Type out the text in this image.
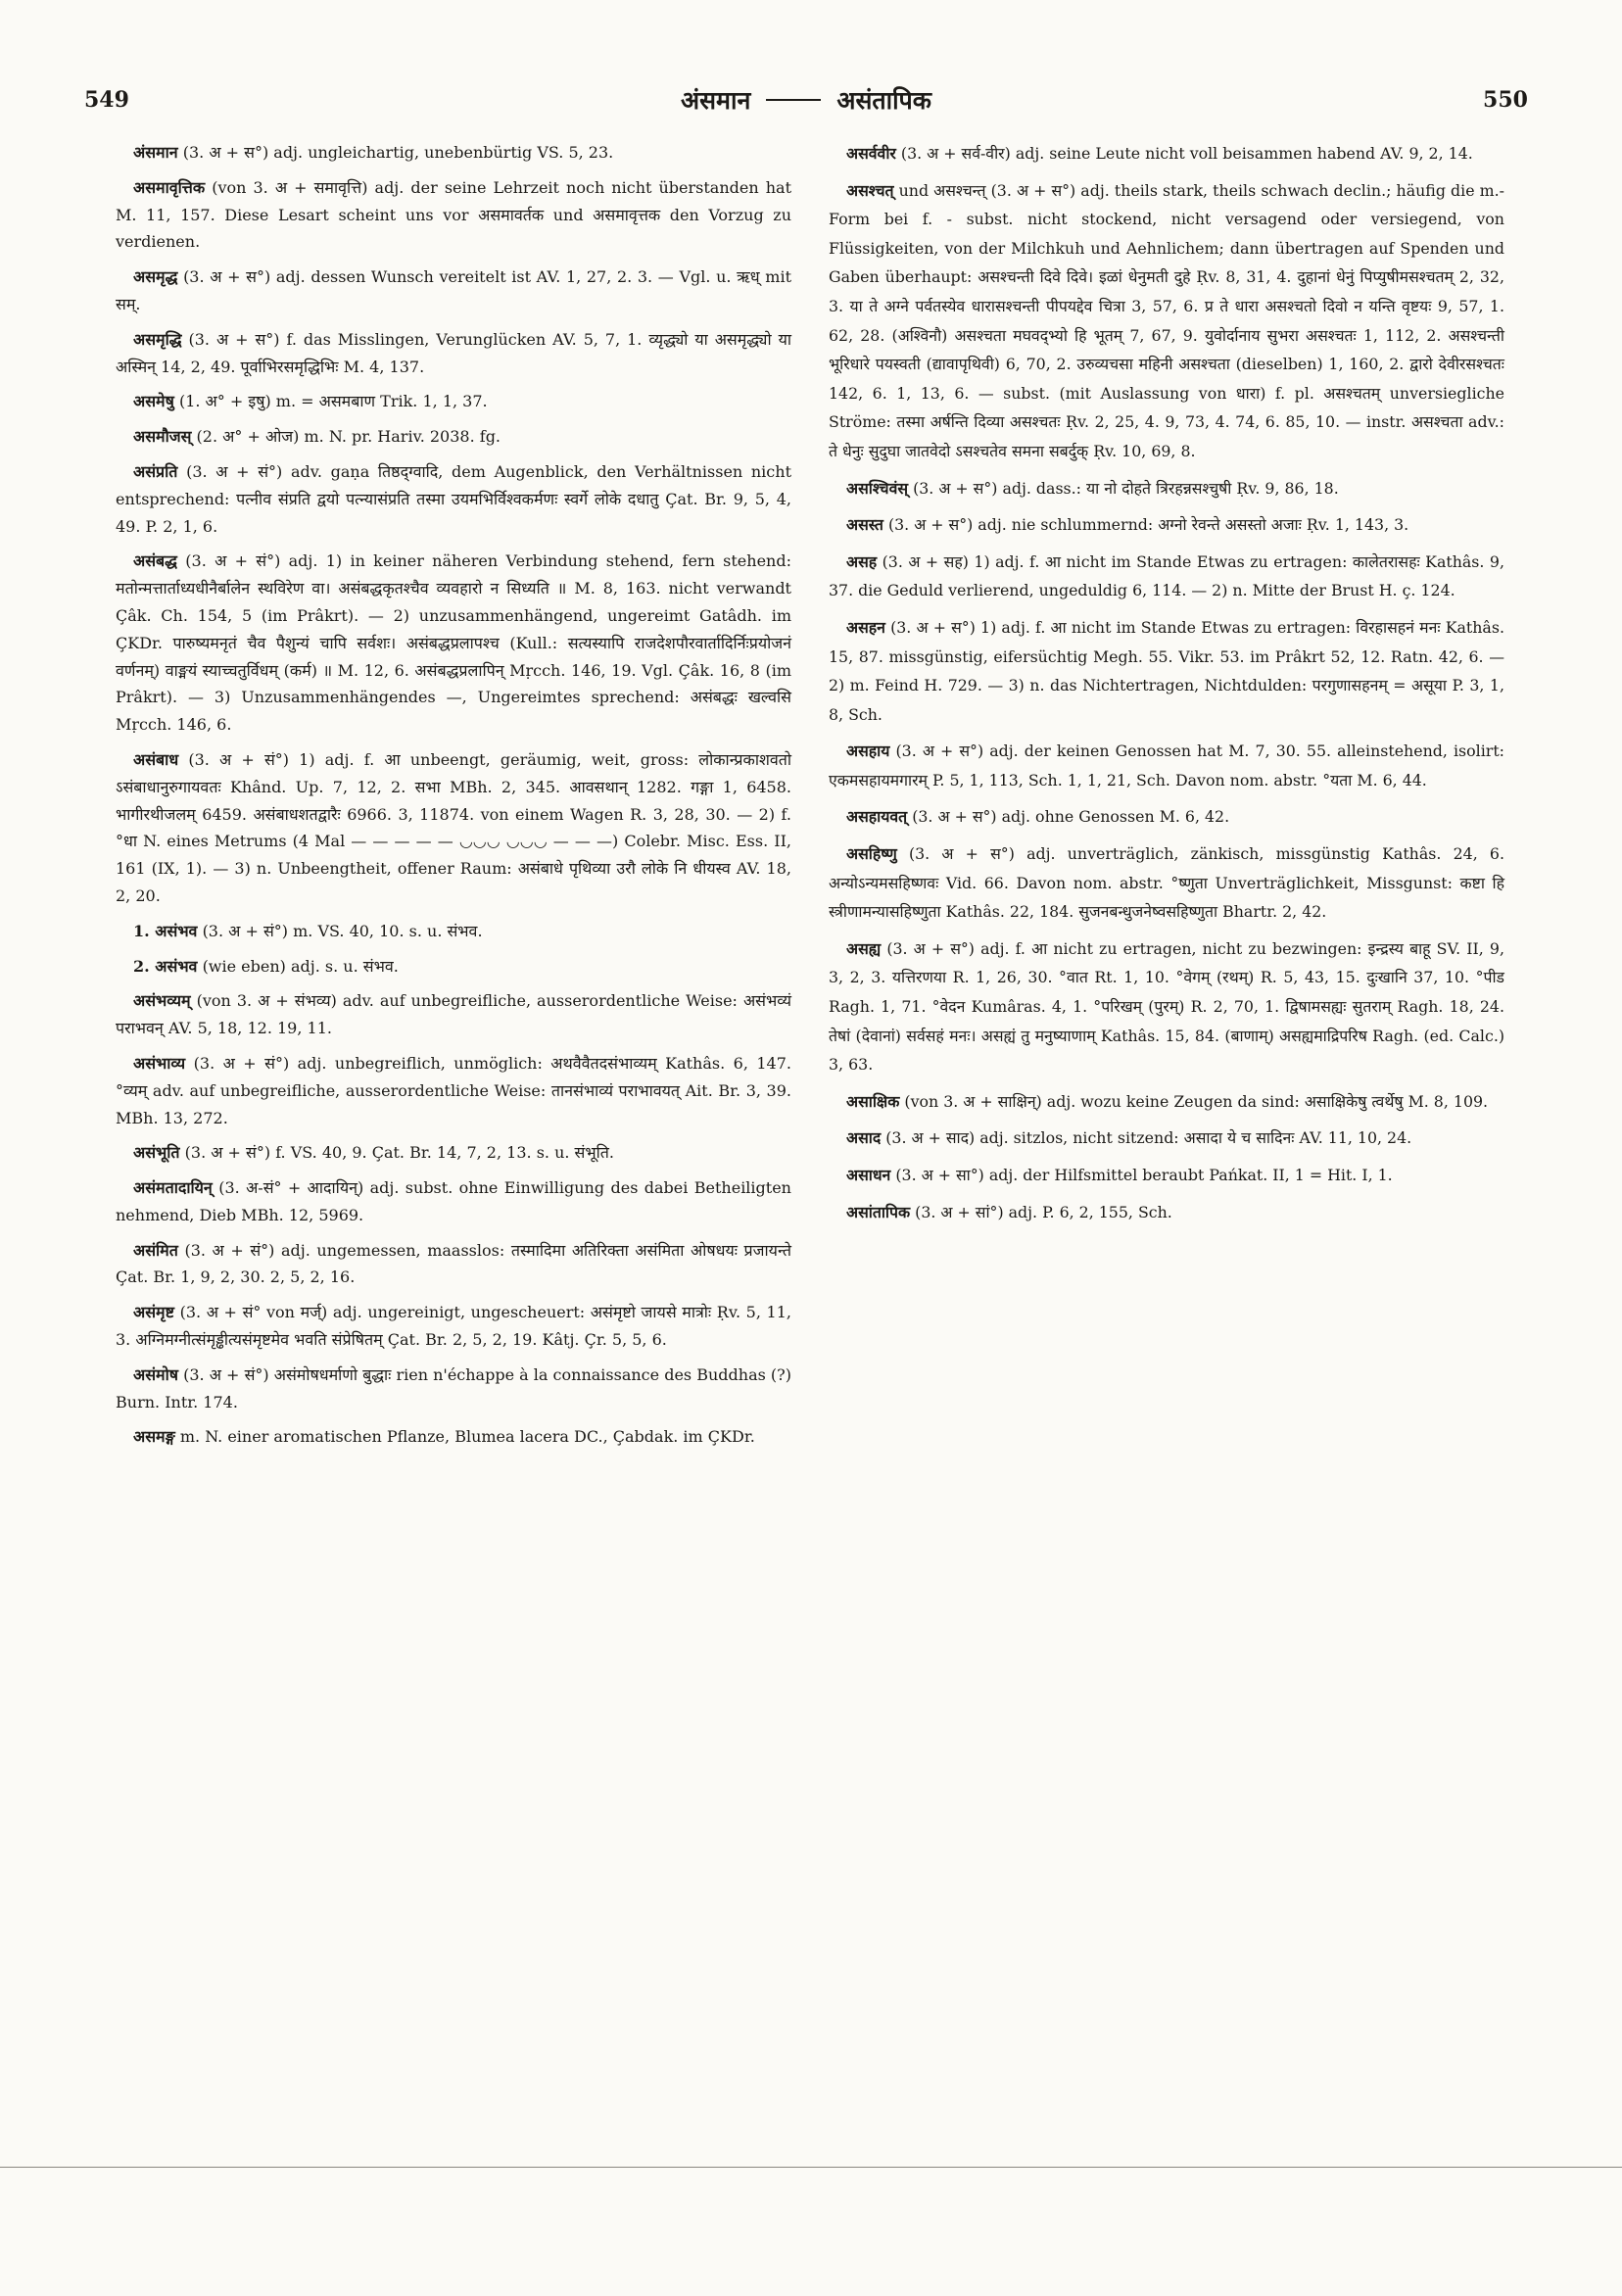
549	अंसमान	असंतापिक	550

अंसमान (3. अ + स°) adj. ungleichartig, unebenbürtig VS. 5, 23.

असमावृत्तिक (von 3. अ + समावृत्ति) adj. der seine Lehrzeit noch nicht überstanden hat M. 11, 157. Diese Lesart scheint uns vor असमावर्तक und असमावृत्तक den Vorzug zu verdienen.

असमृद्ध (3. अ + स°) adj. dessen Wunsch vereitelt ist AV. 1, 27, 2. 3. — Vgl. u. ऋध् mit सम्.

असमृद्धि (3. अ + स°) f. das Misslingen, Verunglücken AV. 5, 7, 1. व्यृद्ध्यो या असमृद्ध्यो या अस्मिन् 14, 2, 49. पूर्वाभिरसमृद्धिभिः M. 4, 137.

असमेषु (1. अ° + इषु) m. = असमबाण Trik. 1, 1, 37.

असमौजस् (2. अ° + ओज) m. N. pr. Hariv. 2038. fg.

असंप्रति (3. अ + सं°) adv. gaṇa तिष्ठद्ग्वादि, dem Augenblick, den Verhältnissen nicht entsprechend: पत्नीव संप्रति द्वयो पत्न्यासंप्रति तस्मा उयमभिर्विश्वकर्मणः स्वर्गे लोके दधातु Çat. Br. 9, 5, 4, 49. P. 2, 1, 6.

असंबद्ध (3. अ + सं°) adj. 1) in keiner näheren Verbindung stehend, fern stehend: मतोन्मत्तार्ताध्यधीनैर्बालेन स्थविरेण वा। असंबद्धकृतश्चैव व्यवहारो न सिध्यति ॥ M. 8, 163. nicht verwandt Çâk. Ch. 154, 5 (im Prâkrt). — 2) unzusammenhängend, ungereimt Gatâdh. im ÇKDr. पारुष्यमनृतं चैव पैशुन्यं चापि सर्वशः। असंबद्धप्रलापश्च (Kull.: सत्यस्यापि राजदेशपौरवार्तादिर्निःप्रयोजनं वर्णनम्) वाङ्मयं स्याच्चतुर्विधम् (कर्म) ॥ M. 12, 6. असंबद्धप्रलापिन् Mṛcch. 146, 19. Vgl. Çâk. 16, 8 (im Prâkrt). — 3) Unzusammenhängendes —, Ungereimtes sprechend: असंबद्धः खल्वसि Mṛcch. 146, 6.

असंबाध (3. अ + सं°) 1) adj. f. आ unbeengt, geräumig, weit, gross: लोकान्प्रकाशवतो ऽसंबाधानुरुगायवतः Khând. Up. 7, 12, 2. सभा MBh. 2, 345. आवसथान् 1282. गङ्गा 1, 6458. भागीरथीजलम् 6459. असंबाधशतद्वारैः 6966. 3, 11874. von einem Wagen R. 3, 28, 30. — 2) f. °धा N. eines Metrums (4 Mal — — — — — ◡◡◡ ◡◡◡ — — —) Colebr. Misc. Ess. II, 161 (IX, 1). — 3) n. Unbeengtheit, offener Raum: असंबाधे पृथिव्या उरौ लोके नि धीयस्व AV. 18, 2, 20.

1. असंभव (3. अ + सं°) m. VS. 40, 10. s. u. संभव.

2. असंभव (wie eben) adj. s. u. संभव.

असंभव्यम् (von 3. अ + संभव्य) adv. auf unbegreifliche, ausserordentliche Weise: असंभव्यं पराभवन् AV. 5, 18, 12. 19, 11.

असंभाव्य (3. अ + सं°) adj. unbegreiflich, unmöglich: अथवैवैतदसंभाव्यम् Kathâs. 6, 147. °व्यम् adv. auf unbegreifliche, ausserordentliche Weise: तानसंभाव्यं पराभावयत् Ait. Br. 3, 39. MBh. 13, 272.

असंभूति (3. अ + सं°) f. VS. 40, 9. Çat. Br. 14, 7, 2, 13. s. u. संभूति.

असंमतादायिन् (3. अ-सं° + आदायिन्) adj. subst. ohne Einwilligung des dabei Betheiligten nehmend, Dieb MBh. 12, 5969.

असंमित (3. अ + सं°) adj. ungemessen, maasslos: तस्मादिमा अतिरिक्ता असंमिता ओषधयः प्रजायन्ते Çat. Br. 1, 9, 2, 30. 2, 5, 2, 16.

असंमृष्ट (3. अ + सं° von मर्ज्) adj. ungereinigt, ungescheuert: असंमृष्टो जायसे मात्रोः Ṛv. 5, 11, 3. अग्निमग्नीत्संमृड्ढीत्यसंमृष्टमेव भवति संप्रेषितम् Çat. Br. 2, 5, 2, 19. Kâtj. Çr. 5, 5, 6.

असंमोष (3. अ + सं°) असंमोषधर्माणो बुद्धाः rien n'échappe à la connaissance des Buddhas (?) Burn. Intr. 174.

असमङ्ग m. N. einer aromatischen Pflanze, Blumea lacera DC., Çabdak. im ÇKDr.

असर्ववीर (3. अ + सर्व-वीर) adj. seine Leute nicht voll beisammen habend AV. 9, 2, 14.

असश्चत् und असश्चन्त् (3. अ + स°) adj. theils stark, theils schwach declin.; häufig die m.-Form bei f. - subst. nicht stockend, nicht versagend oder versiegend, von Flüssigkeiten, von der Milchkuh und Aehnlichem; dann übertragen auf Spenden und Gaben überhaupt: असश्चन्ती दिवे दिवे। इळां धेनुमती दुहे Ṛv. 8, 31, 4. दुहानां धेनुं पिप्युषीमसश्चतम् 2, 32, 3. या ते अग्ने पर्वतस्येव धारासश्चन्ती पीपयद्देव चित्रा 3, 57, 6. प्र ते धारा असश्चतो दिवो न यन्ति वृष्टयः 9, 57, 1. 62, 28. (अश्विनौ) असश्चता मघवद्भ्यो हि भूतम् 7, 67, 9. युवोर्दानाय सुभरा असश्चतः 1, 112, 2. असश्चन्ती भूरिधारे पयस्वती (द्यावापृथिवी) 6, 70, 2. उरुव्यचसा महिनी असश्चता (dieselben) 1, 160, 2. द्वारो देवीरसश्चतः 142, 6. 1, 13, 6. — subst. (mit Auslassung von धारा) f. pl. असश्चतम् unversiegliche Ströme: तस्मा अर्षन्ति दिव्या असश्चतः Ṛv. 2, 25, 4. 9, 73, 4. 74, 6. 85, 10. — instr. असश्चता adv.: ते धेनुः सुदुघा जातवेदो ऽसश्चतेव समना सबर्दुक् Ṛv. 10, 69, 8.

असश्चिवंस् (3. अ + स°) adj. dass.: या नो दोहते त्रिरहन्नसश्चुषी Ṛv. 9, 86, 18.

असस्त (3. अ + स°) adj. nie schlummernd: अग्नो रेवन्ते असस्तो अजाः Ṛv. 1, 143, 3.

असह (3. अ + सह) 1) adj. f. आ nicht im Stande Etwas zu ertragen: कालेतरासहः Kathâs. 9, 37. die Geduld verlierend, ungeduldig 6, 114. — 2) n. Mitte der Brust H. ç. 124.

असहन (3. अ + स°) 1) adj. f. आ nicht im Stande Etwas zu ertragen: विरहासहनं मनः Kathâs. 15, 87. missgünstig, eifersüchtig Megh. 55. Vikr. 53. im Prâkrt 52, 12. Ratn. 42, 6. — 2) m. Feind H. 729. — 3) n. das Nichtertragen, Nichtdulden: परगुणासहनम् = असूया P. 3, 1, 8, Sch.

असहाय (3. अ + स°) adj. der keinen Genossen hat M. 7, 30. 55. alleinstehend, isolirt: एकमसहायमगारम् P. 5, 1, 113, Sch. 1, 1, 21, Sch. Davon nom. abstr. °यता M. 6, 44.

असहायवत् (3. अ + स°) adj. ohne Genossen M. 6, 42.

असहिष्णु (3. अ + स°) adj. unverträglich, zänkisch, missgünstig Kathâs. 24, 6. अन्योऽन्यमसहिष्णवः Vid. 66. Davon nom. abstr. °ष्णुता Unverträglichkeit, Missgunst: कष्टा हि स्त्रीणामन्यासहिष्णुता Kathâs. 22, 184. सुजनबन्धुजनेष्वसहिष्णुता Bhartr. 2, 42.

असह्य (3. अ + स°) adj. f. आ nicht zu ertragen, nicht zu bezwingen: इन्द्रस्य बाहू SV. II, 9, 3, 2, 3. यत्तिरणया R. 1, 26, 30. °वात Rt. 1, 10. °वेगम् (रथम्) R. 5, 43, 15. दुःखानि 37, 10. °पीड Ragh. 1, 71. °वेदन Kumâras. 4, 1. °परिखम् (पुरम्) R. 2, 70, 1. द्विषामसह्यः सुतराम् Ragh. 18, 24. तेषां (देवानां) सर्वसहं मनः। असह्यं तु मनुष्याणाम् Kathâs. 15, 84. (बाणाम्) असह्यमाद्रिपरिष Ragh. (ed. Calc.) 3, 63.

असाक्षिक (von 3. अ + साक्षिन्) adj. wozu keine Zeugen da sind: असाक्षिकेषु त्वर्थेषु M. 8, 109.

असाद (3. अ + साद) adj. sitzlos, nicht sitzend: असादा ये च सादिनः AV. 11, 10, 24.

असाधन (3. अ + सा°) adj. der Hilfsmittel beraubt Pańkat. II, 1 = Hit. I, 1.

असांतापिक (3. अ + सां°) adj. P. 6, 2, 155, Sch.
